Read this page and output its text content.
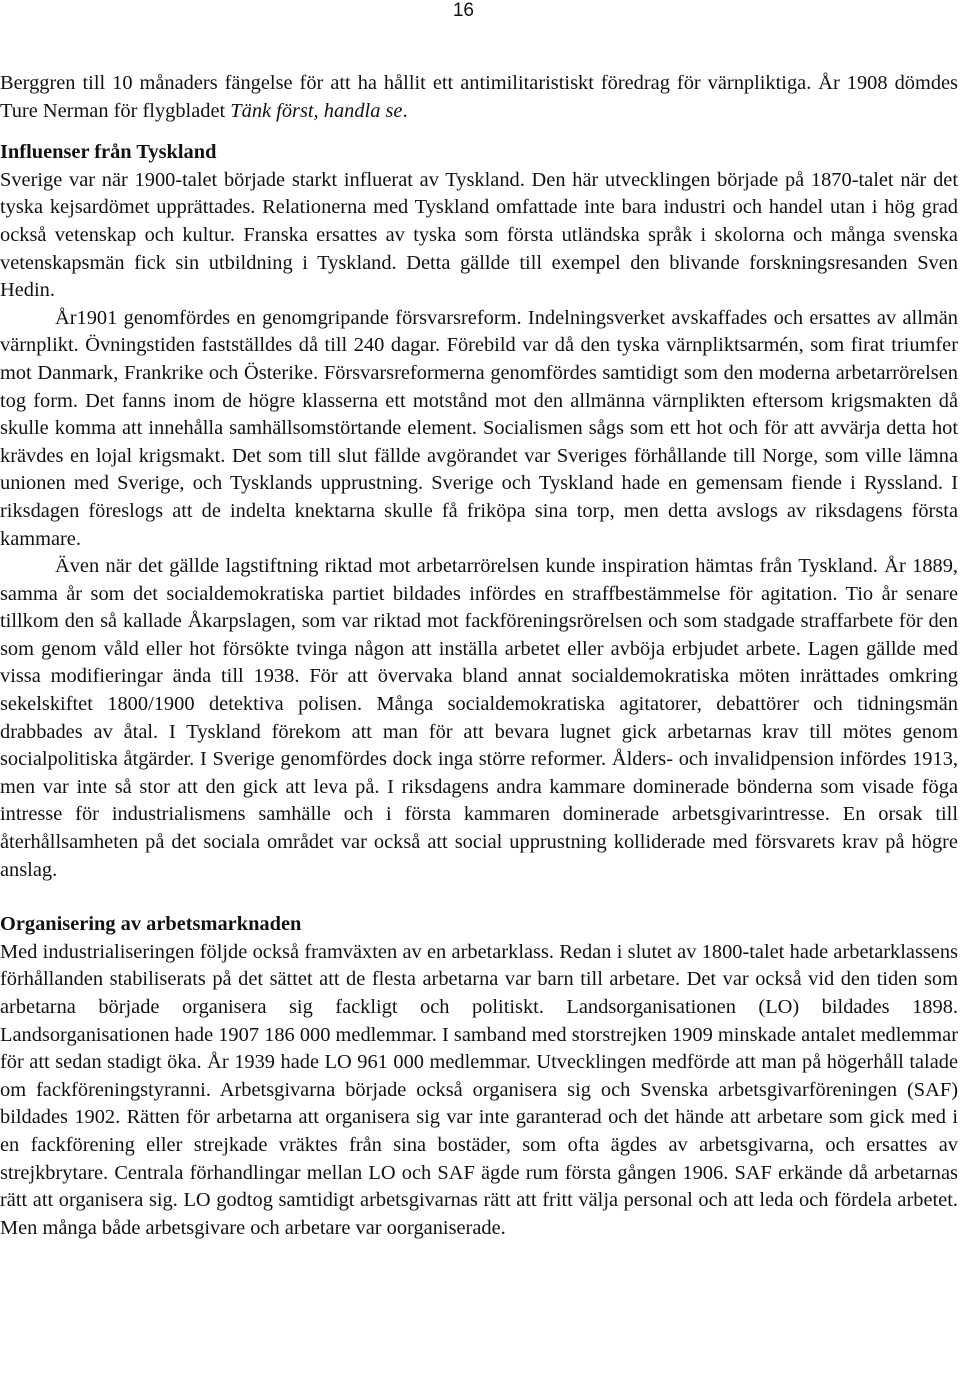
16

Berggren till 10 månaders fängelse för att ha hållit ett antimilitaristiskt föredrag för värnpliktiga. År 1908 dömdes Ture Nerman för flygbladet Tänk först, handla se.

Influenser från Tyskland

Sverige var när 1900-talet började starkt influerat av Tyskland. Den här utvecklingen började på 1870-talet när det tyska kejsardömet upprättades. Relationerna med Tyskland omfattade inte bara industri och handel utan i hög grad också vetenskap och kultur. Franska ersattes av tyska som första utländska språk i skolorna och många svenska vetenskapsmän fick sin utbildning i Tyskland. Detta gällde till exempel den blivande forskningsresanden Sven Hedin.

År1901 genomfördes en genomgripande försvarsreform. Indelningsverket avskaffades och ersattes av allmän värnplikt. Övningstiden fastställdes då till 240 dagar. Förebild var då den tyska värnpliktsarmén, som firat triumfer mot Danmark, Frankrike och Österike. Försvarsreformerna genomfördes samtidigt som den moderna arbetarrörelsen tog form. Det fanns inom de högre klasserna ett motstånd mot den allmänna värnplikten eftersom krigsmakten då skulle komma att innehålla samhällsomstörtande element. Socialismen sågs som ett hot och för att avvärja detta hot krävdes en lojal krigsmakt. Det som till slut fällde avgörandet var Sveriges förhållande till Norge, som ville lämna unionen med Sverige, och Tysklands upprustning. Sverige och Tyskland hade en gemensam fiende i Ryssland. I riksdagen föreslogs att de indelta knektarna skulle få friköpa sina torp, men detta avslogs av riksdagens första kammare.

Även när det gällde lagstiftning riktad mot arbetarrörelsen kunde inspiration hämtas från Tyskland. År 1889, samma år som det socialdemokratiska partiet bildades infördes en straffbestämmelse för agitation. Tio år senare tillkom den så kallade Åkarpslagen, som var riktad mot fackföreningsrörelsen och som stadgade straffarbete för den som genom våld eller hot försökte tvinga någon att inställa arbetet eller avböja erbjudet arbete. Lagen gällde med vissa modifieringar ända till 1938. För att övervaka bland annat socialdemokratiska möten inrättades omkring sekelskiftet 1800/1900 detektiva polisen. Många socialdemokratiska agitatorer, debattörer och tidningsmän drabbades av åtal. I Tyskland förekom att man för att bevara lugnet gick arbetarnas krav till mötes genom socialpolitiska åtgärder. I Sverige genomfördes dock inga större reformer. Ålders- och invalidpension infördes 1913, men var inte så stor att den gick att leva på. I riksdagens andra kammare dominerade bönderna som visade föga intresse för industrialismens samhälle och i första kammaren dominerade arbetsgivarintresse. En orsak till återhållsamheten på det sociala området var också att social upprustning kolliderade med försvarets krav på högre anslag.

Organisering av arbetsmarknaden

Med industrialiseringen följde också framväxten av en arbetarklass. Redan i slutet av 1800-talet hade arbetarklassens förhållanden stabiliserats på det sättet att de flesta arbetarna var barn till arbetare. Det var också vid den tiden som arbetarna började organisera sig fackligt och politiskt. Landsorganisationen (LO) bildades 1898. Landsorganisationen hade 1907 186 000 medlemmar. I samband med storstrejken 1909 minskade antalet medlemmar för att sedan stadigt öka. År 1939 hade LO 961 000 medlemmar. Utvecklingen medförde att man på högerhåll talade om fackföreningstyranni. Arbetsgivarna började också organisera sig och Svenska arbetsgivarföreningen (SAF) bildades 1902. Rätten för arbetarna att organisera sig var inte garanterad och det hände att arbetare som gick med i en fackförening eller strejkade vräktes från sina bostäder, som ofta ägdes av arbetsgivarna, och ersattes av strejkbrytare. Centrala förhandlingar mellan LO och SAF ägde rum första gången 1906. SAF erkände då arbetarnas rätt att organisera sig. LO godtog samtidigt arbetsgivarnas rätt att fritt välja personal och att leda och fördela arbetet. Men många både arbetsgivare och arbetare var oorganiserade.
